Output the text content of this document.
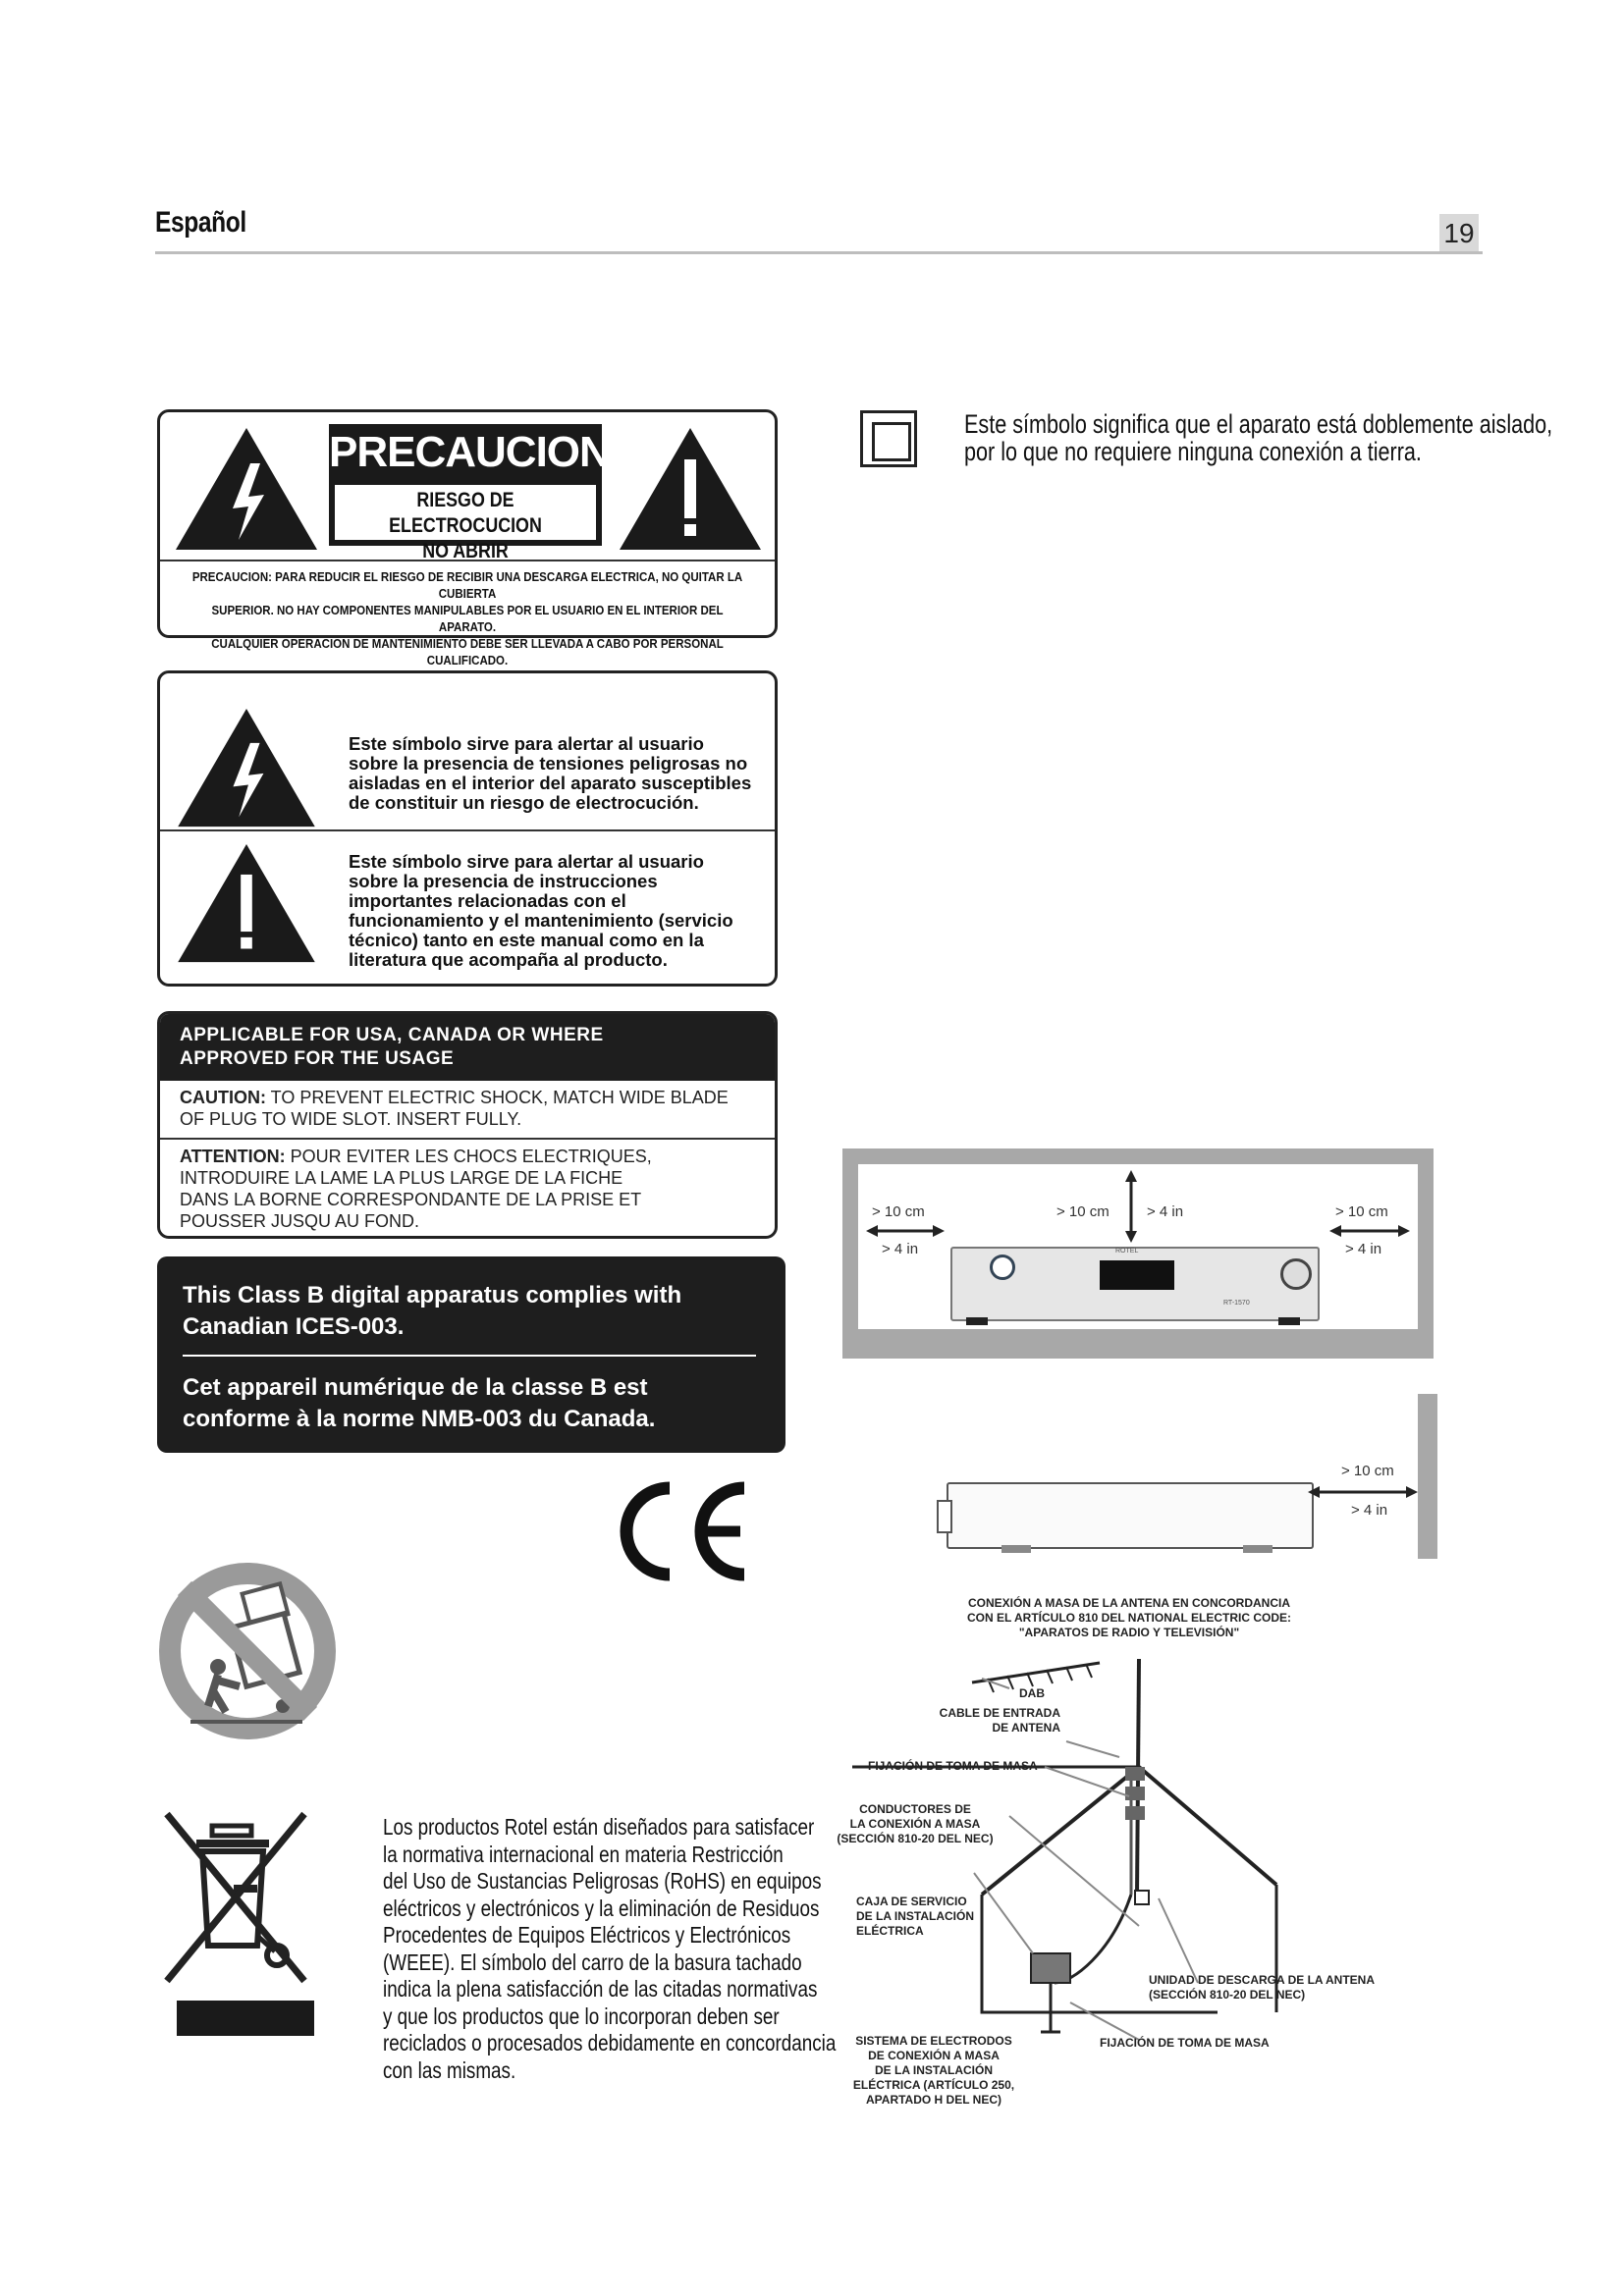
Español	19
PRECAUCION
RIESGO DE ELECTROCUCION
NO ABRIR
PRECAUCION: PARA REDUCIR EL RIESGO DE RECIBIR UNA DESCARGA ELECTRICA, NO QUITAR LA CUBIERTA
SUPERIOR. NO HAY COMPONENTES MANIPULABLES POR EL USUARIO EN EL INTERIOR DEL APARATO.
CUALQUIER OPERACION DE MANTENIMIENTO DEBE SER LLEVADA A CABO POR PERSONAL CUALIFICADO.
Este símbolo sirve para alertar al usuario
sobre la presencia de tensiones peligrosas no
aisladas en el interior del aparato susceptibles
de constituir un riesgo de electrocución.
Este símbolo sirve para alertar al usuario
sobre la presencia de instrucciones
importantes relacionadas con el
funcionamiento y el mantenimiento (servicio
técnico) tanto en este manual como en la
literatura que acompaña al producto.
APPLICABLE FOR USA, CANADA OR WHERE
APPROVED FOR THE USAGE
CAUTION: TO PREVENT ELECTRIC SHOCK, MATCH WIDE BLADE
OF PLUG TO WIDE SLOT. INSERT FULLY.
ATTENTION: POUR EVITER LES CHOCS ELECTRIQUES,
INTRODUIRE LA LAME LA PLUS LARGE DE LA FICHE
DANS LA BORNE CORRESPONDANTE DE LA PRISE ET
POUSSER JUSQU AU FOND.
This Class B digital apparatus complies with
Canadian ICES-003.
Cet appareil numérique de la classe B est
conforme à la norme NMB-003 du Canada.
CE
Los productos Rotel están diseñados para satisfacer
la normativa internacional en materia Restricción
del Uso de Sustancias Peligrosas (RoHS) en equipos
eléctricos y electrónicos y la eliminación de Residuos
Procedentes de Equipos Eléctricos y Electrónicos
(WEEE). El símbolo del carro de la basura tachado
indica la plena satisfacción de las citadas normativas
y que los productos que lo incorporan deben ser
reciclados o procesados debidamente en concordancia
con las mismas.
Este símbolo significa que el aparato está doblemente aislado,
por lo que no requiere ninguna conexión a tierra.
> 10 cm
> 4 in
> 10 cm	> 4 in	> 10 cm
> 4 in
ROTEL
RT-1570
> 10 cm
> 4 in
CONEXIÓN A MASA DE LA ANTENA EN CONCORDANCIA
CON EL ARTÍCULO 810 DEL NATIONAL ELECTRIC CODE:
"APARATOS DE RADIO Y TELEVISIÓN"
DAB
CABLE DE ENTRADA
DE ANTENA
FIJACIÓN DE TOMA DE MASA
CONDUCTORES DE
LA CONEXIÓN A MASA
(SECCIÓN 810-20 DEL NEC)
CAJA DE SERVICIO
DE LA INSTALACIÓN
ELÉCTRICA
UNIDAD DE DESCARGA DE LA ANTENA
(SECCIÓN 810-20 DEL NEC)
FIJACIÓN DE TOMA DE MASA
SISTEMA DE ELECTRODOS
DE CONEXIÓN A MASA
DE LA INSTALACIÓN
ELÉCTRICA (ARTÍCULO 250,
APARTADO H DEL NEC)
